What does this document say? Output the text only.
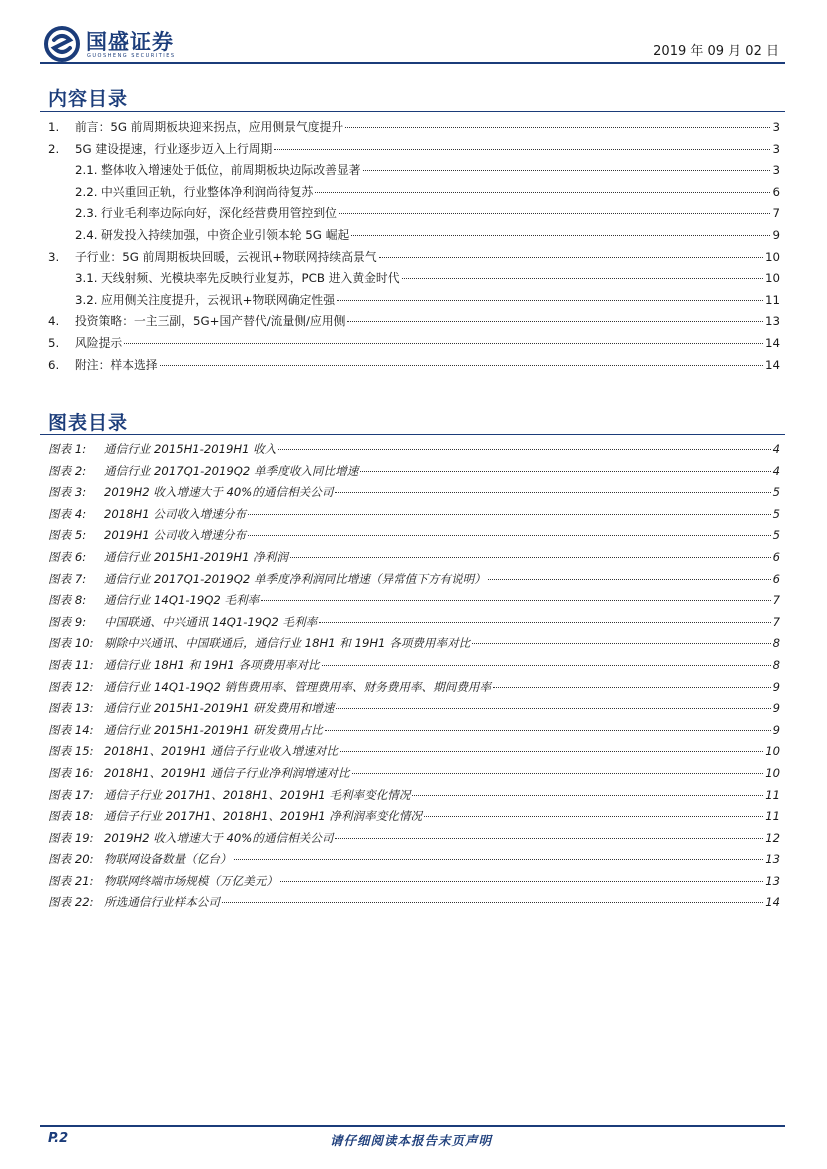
国盛证券
GUOSHENG SECURITIES	2019 年 09 月 02 日
内容目录
1.	前言：5G 前周期板块迎来拐点，应用侧景气度提升	3
2.	5G 建设提速，行业逐步迈入上行周期	3
2.1. 整体收入增速处于低位，前周期板块边际改善显著	3
2.2. 中兴重回正轨，行业整体净利润尚待复苏	6
2.3. 行业毛利率边际向好，深化经营费用管控到位	7
2.4. 研发投入持续加强，中资企业引领本轮 5G 崛起	9
3.	子行业：5G 前周期板块回暖，云视讯+物联网持续高景气	10
3.1. 天线射频、光模块率先反映行业复苏，PCB 进入黄金时代	10
3.2. 应用侧关注度提升，云视讯+物联网确定性强	11
4.	投资策略：一主三副，5G+国产替代/流量侧/应用侧	13
5.	风险提示	14
6.	附注：样本选择	14
图表目录
图表 1:	通信行业 2015H1-2019H1 收入	4
图表 2:	通信行业 2017Q1-2019Q2 单季度收入同比增速	4
图表 3:	2019H2 收入增速大于 40%的通信相关公司	5
图表 4:	2018H1 公司收入增速分布	5
图表 5:	2019H1 公司收入增速分布	5
图表 6:	通信行业 2015H1-2019H1 净利润	6
图表 7:	通信行业 2017Q1-2019Q2 单季度净利润同比增速（异常值下方有说明）	6
图表 8:	通信行业 14Q1-19Q2 毛利率	7
图表 9:	中国联通、中兴通讯 14Q1-19Q2 毛利率	7
图表 10: 剔除中兴通讯、中国联通后，通信行业 18H1 和 19H1 各项费用率对比	8
图表 11: 通信行业 18H1 和 19H1 各项费用率对比	8
图表 12: 通信行业 14Q1-19Q2 销售费用率、管理费用率、财务费用率、期间费用率	9
图表 13: 通信行业 2015H1-2019H1 研发费用和增速	9
图表 14: 通信行业 2015H1-2019H1 研发费用占比	9
图表 15: 2018H1、2019H1 通信子行业收入增速对比	10
图表 16: 2018H1、2019H1 通信子行业净利润增速对比	10
图表 17: 通信子行业 2017H1、2018H1、2019H1 毛利率变化情况	11
图表 18: 通信子行业 2017H1、2018H1、2019H1 净利润率变化情况	11
图表 19: 2019H2 收入增速大于 40%的通信相关公司	12
图表 20: 物联网设备数量（亿台）	13
图表 21: 物联网终端市场规模（万亿美元）	13
图表 22: 所选通信行业样本公司	14
P.2	请仔细阅读本报告末页声明
